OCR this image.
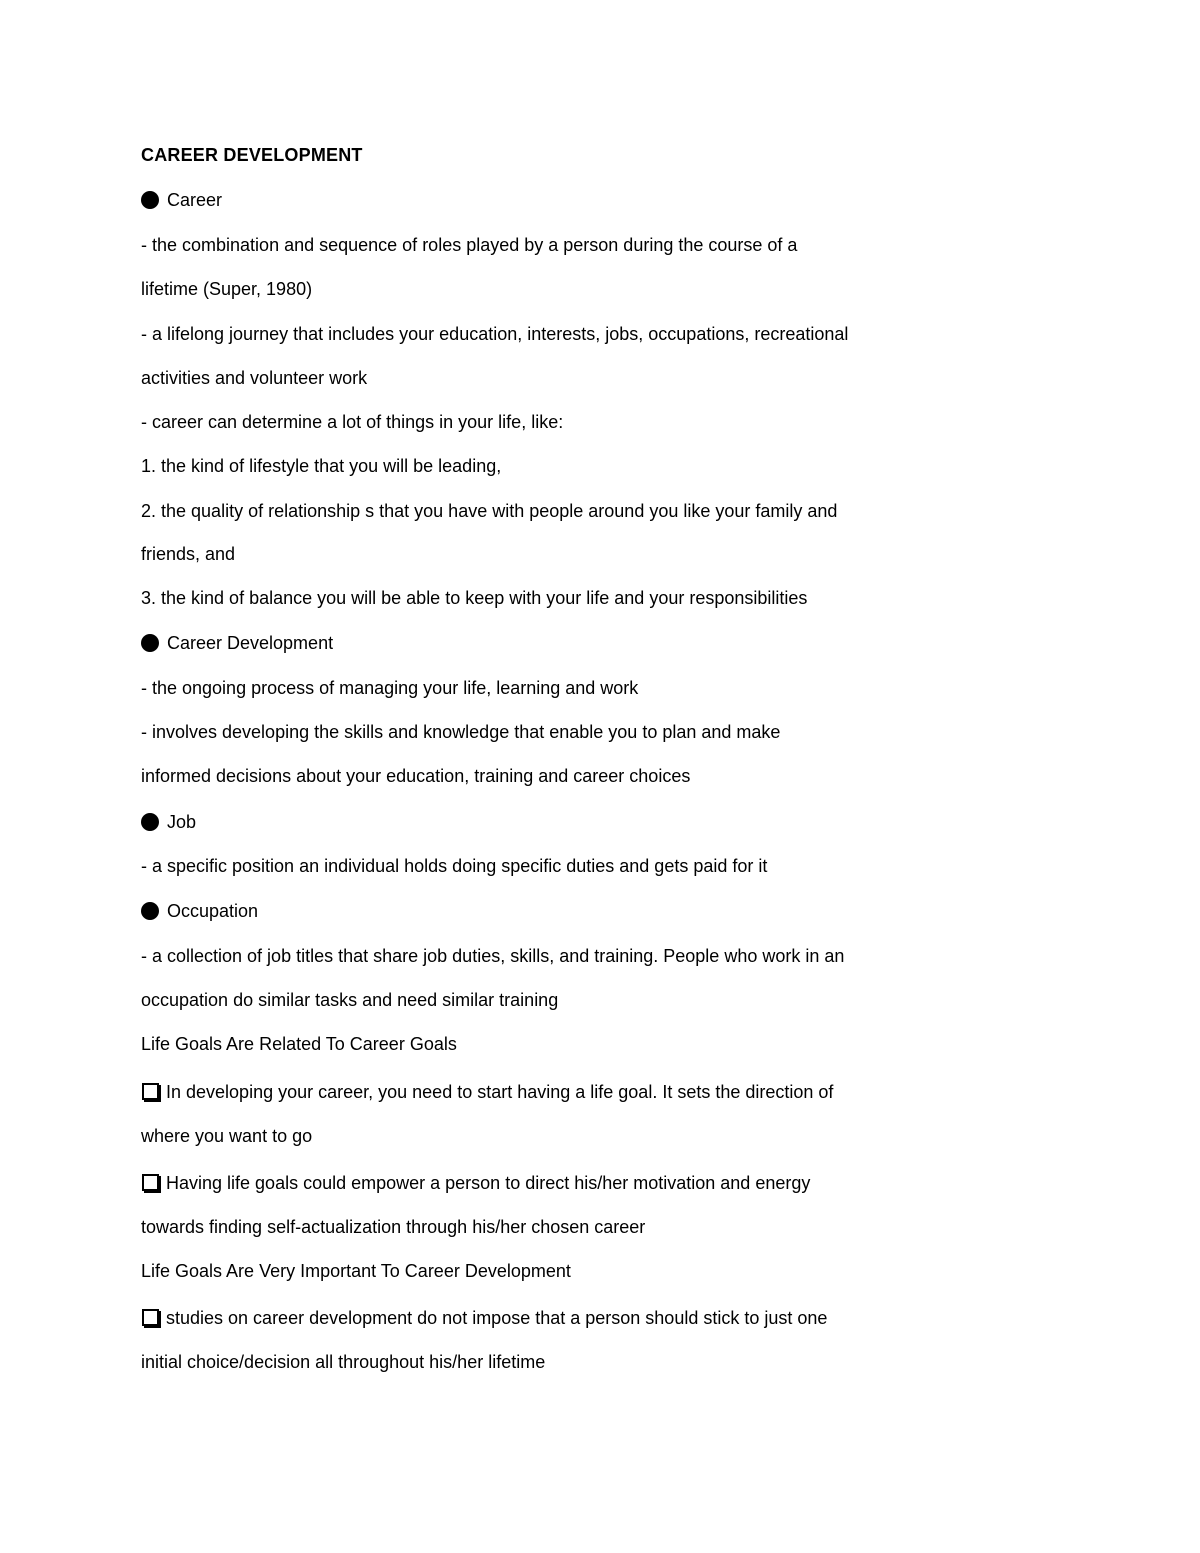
CAREER DEVELOPMENT
Career
- the combination and sequence of roles played by a person during the course of a
lifetime (Super, 1980)
- a lifelong journey that includes your education, interests, jobs, occupations, recreational
activities and volunteer work
- career can determine a lot of things in your life, like:
1. the kind of lifestyle that you will be leading,
2. the quality of relationship s that you have with people around you like your family and
friends, and
3. the kind of balance you will be able to keep with your life and your responsibilities
Career Development
- the ongoing process of managing your life, learning and work
- involves developing the skills and knowledge that enable you to plan and make
informed decisions about your education, training and career choices
Job
- a specific position an individual holds doing specific duties and gets paid for it
Occupation
- a collection of job titles that share job duties, skills, and training. People who work in an
occupation do similar tasks and need similar training
Life Goals Are Related To Career Goals
In developing your career, you need to start having a life goal. It sets the direction of
where you want to go
Having life goals could empower a person to direct his/her motivation and energy
towards finding self-actualization through his/her chosen career
Life Goals Are Very Important To Career Development
studies on career development do not impose that a person should stick to just one
initial choice/decision all throughout his/her lifetime
